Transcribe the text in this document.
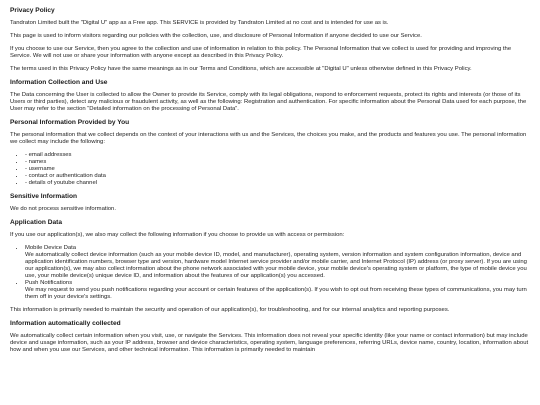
Privacy Policy

Tandraton Limited built the "Digital U" app as a Free app. This SERVICE is provided by Tandraton Limited at no cost and is intended for use as is.

This page is used to inform visitors regarding our policies with the collection, use, and disclosure of Personal Information if anyone decided to use our Service.

If you choose to use our Service, then you agree to the collection and use of information in relation to this policy. The Personal Information that we collect is used for providing and improving the Service. We will not use or share your information with anyone except as described in this Privacy Policy.

The terms used in this Privacy Policy have the same meanings as in our Terms and Conditions, which are accessible at "Digital U" unless otherwise defined in this Privacy Policy.

Information Collection and Use

The Data concerning the User is collected to allow the Owner to provide its Service, comply with its legal obligations, respond to enforcement requests, protect its rights and interests (or those of its Users or third parties), detect any malicious or fraudulent activity, as well as the following: Registration and authentication. For specific information about the Personal Data used for each purpose, the User may refer to the section “Detailed information on the processing of Personal Data”.

Personal Information Provided by You

The personal information that we collect depends on the context of your interactions with us and the Services, the choices you make, and the products and features you use. The personal information we collect may include the following:

• - email addresses
• - names
• - username
• - contact or authentication data
• - details of youtube channel
Sensitive Information

We do not process sensitive information.

Application Data

If you use our application(s), we also may collect the following information if you choose to provide us with access or permission:

• Mobile Device Data
We automatically collect device information (such as your mobile device ID, model, and manufacturer), operating system, version information and system configuration information, device and application identification numbers, browser type and version, hardware model Internet service provider and/or mobile carrier, and Internet Protocol (IP) address (or proxy server). If you are using our application(s), we may also collect information about the phone network associated with your mobile device, your mobile device's operating system or platform, the type of mobile device you use, your mobile device(s) unique device ID, and information about the features of our application(s) you accessed.
• Push Notifications
We may request to send you push notifications regarding your account or certain features of the application(s). If you wish to opt out from receiving these types of communications, you may turn them off in your device's settings.

This information is primarily needed to maintain the security and operation of our application(s), for troubleshooting, and for our internal analytics and reporting purposes.

Information automatically collected

We automatically collect certain information when you visit, use, or navigate the Services. This information does not reveal your specific identity (like your name or contact information) but may include device and usage information, such as your IP address, browser and device characteristics, operating system, language preferences, referring URLs, device name, country, location, information about how and when you use our Services, and other technical information. This information is primarily needed to maintain
